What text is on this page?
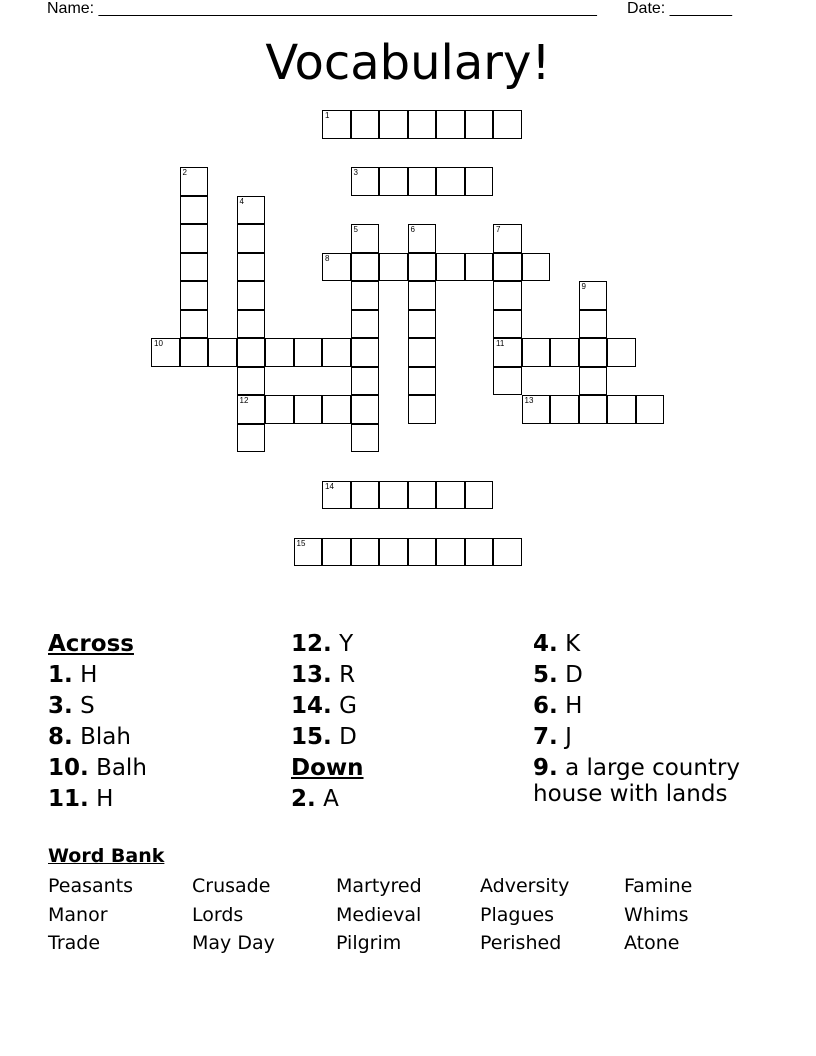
Name: ________________________________________________________ Date: _______
Vocabulary!
1
3
8
10	11
12	13
14
15
2
4
5	6	7
9
Across
1. H
3. S
8. Blah
10. Balh
11. H
12. Y
13. R
14. G
15. D
Down
2. A
4. K
5. D
6. H
7. J
9. a large country house with lands
Word Bank
Peasants	Crusade	Martyred	Adversity	Famine
Manor	Lords	Medieval	Plagues	Whims
Trade	May Day	Pilgrim	Perished	Atone
